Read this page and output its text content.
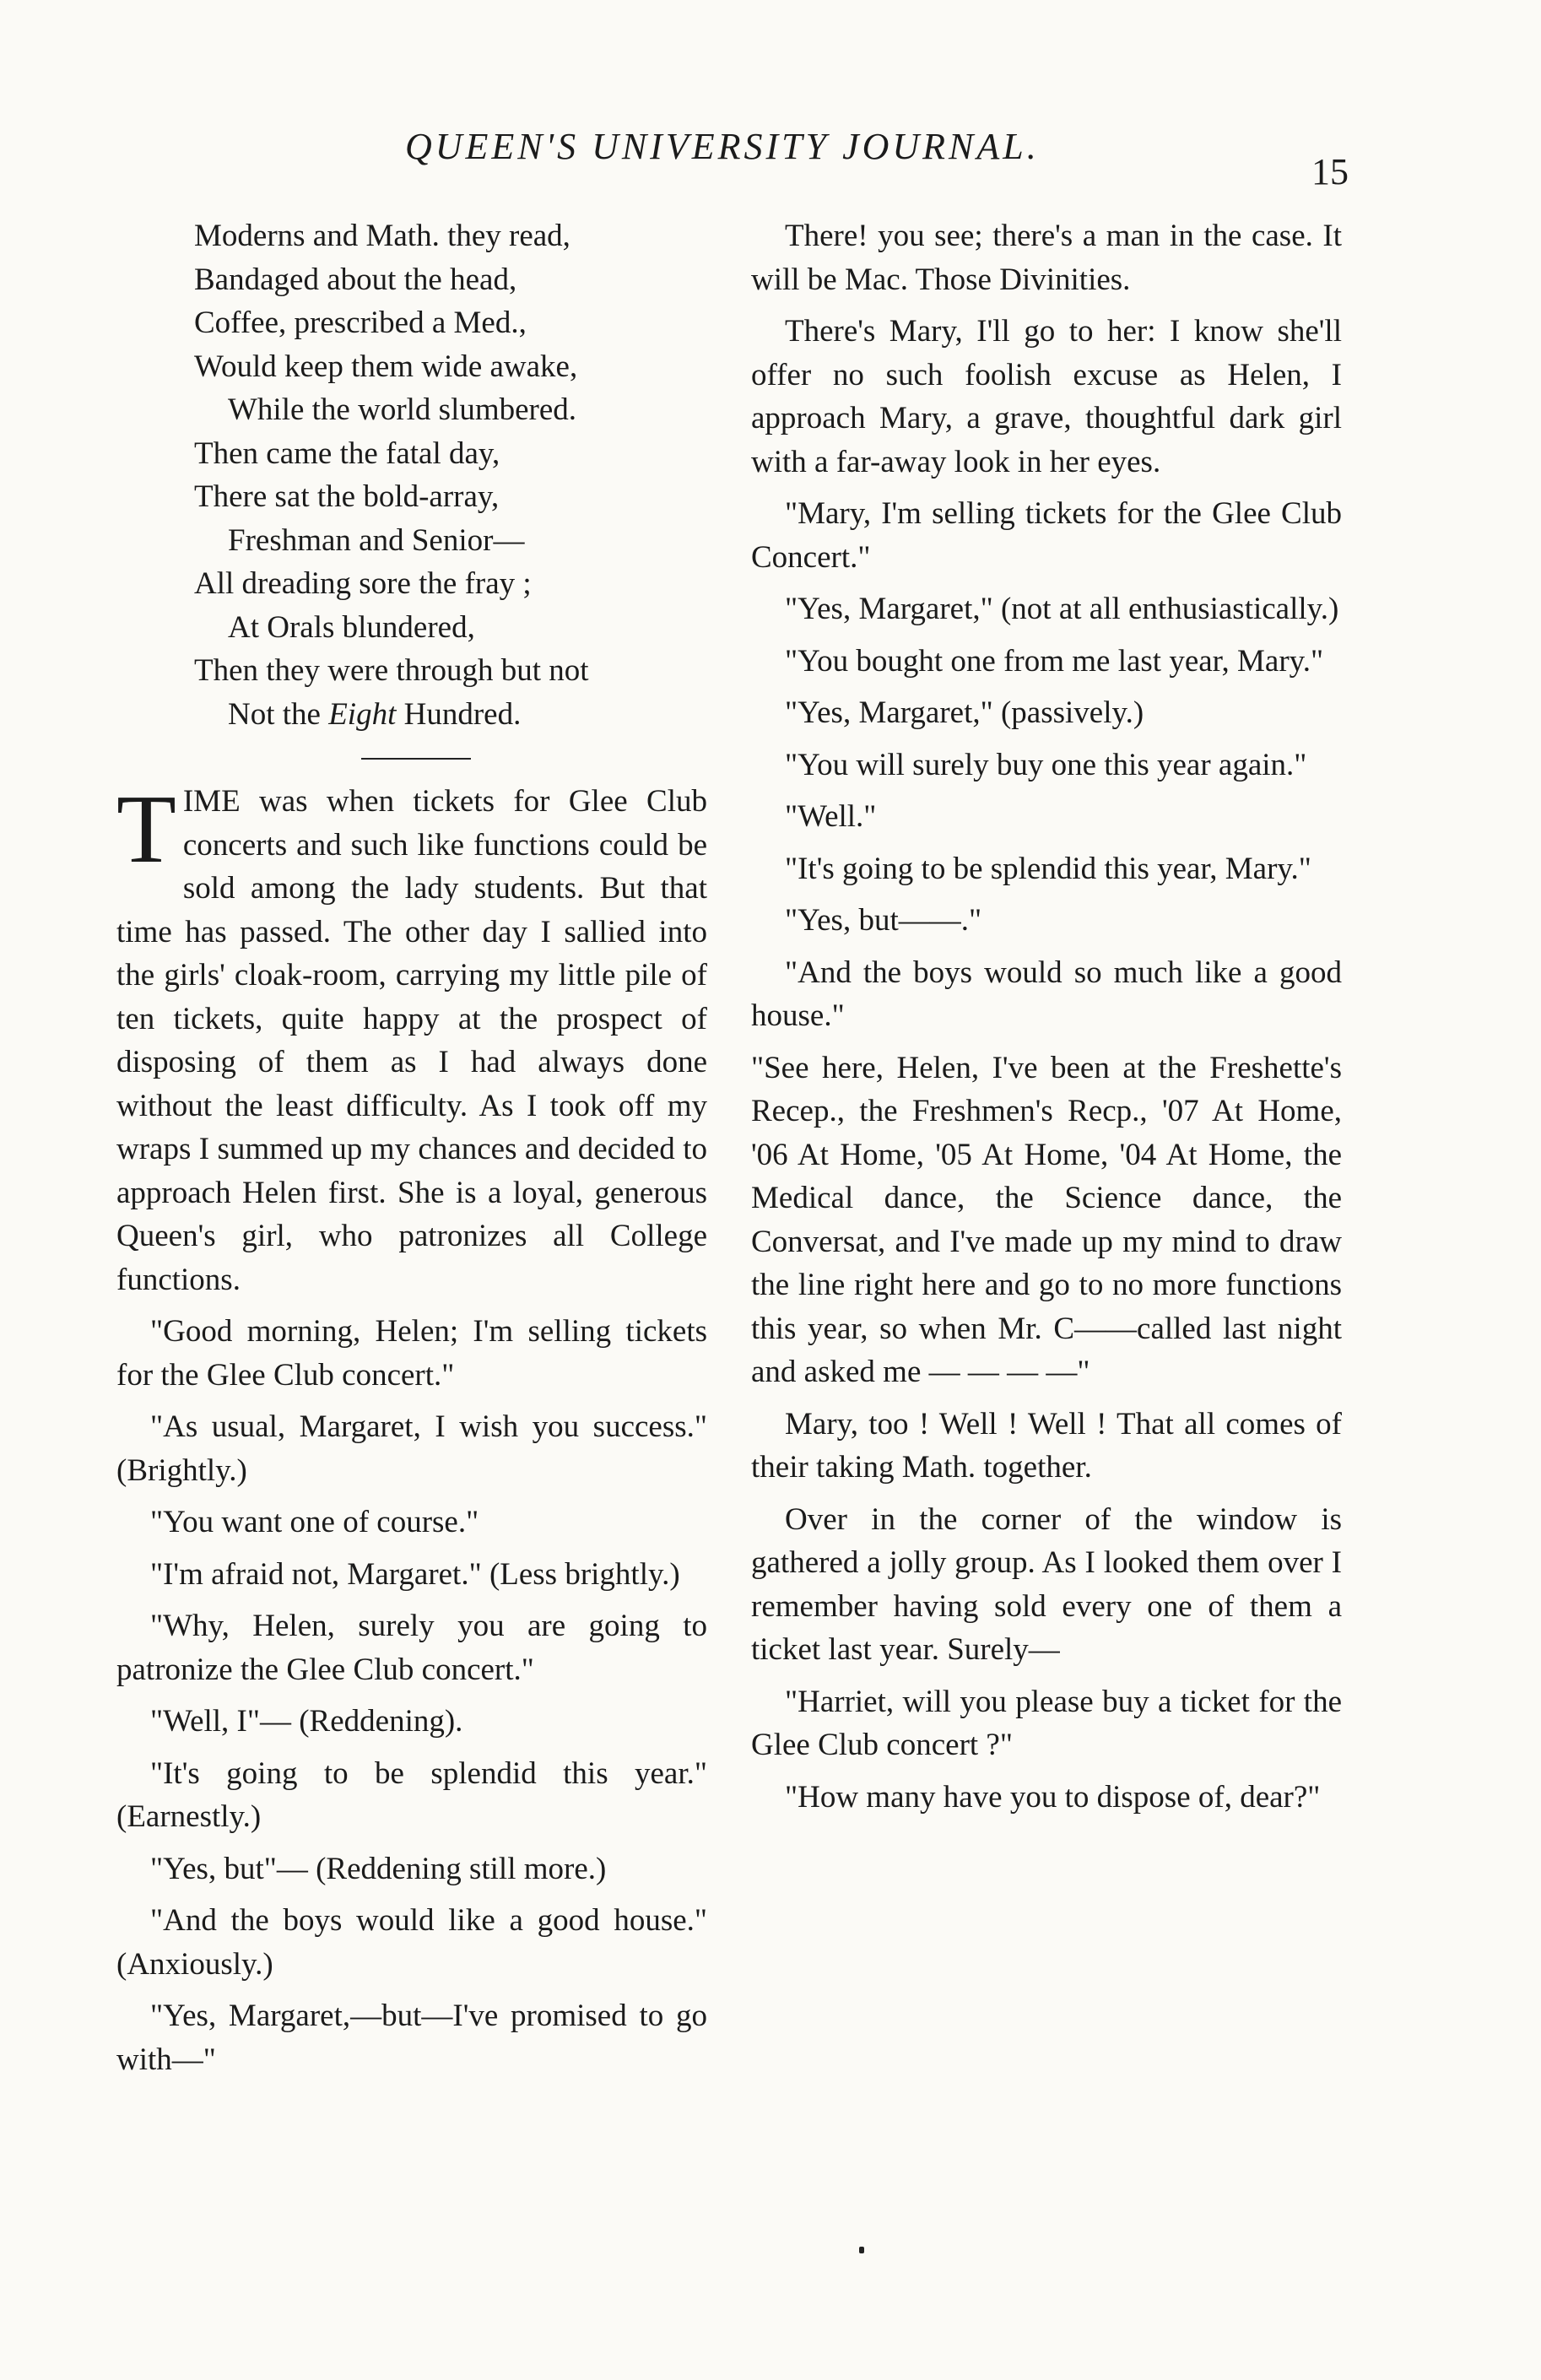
QUEEN'S UNIVERSITY JOURNAL.
15
Moderns and Math. they read,
Bandaged about the head,
Coffee, prescribed a Med.,
Would keep them wide awake,
While the world slumbered.
Then came the fatal day,
There sat the bold-array,
Freshman and Senior—
All dreading sore the fray ;
At Orals blundered,
Then they were through but not
Not the Eight Hundred.

TIME was when tickets for Glee Club concerts and such like functions could be sold among the lady students. But that time has passed. The other day I sallied into the girls' cloak-room, carrying my little pile of ten tickets, quite happy at the prospect of disposing of them as I had always done without the least difficulty. As I took off my wraps I summed up my chances and decided to approach Helen first. She is a loyal, generous Queen's girl, who patronizes all College functions.

"Good morning, Helen; I'm selling tickets for the Glee Club concert."

"As usual, Margaret, I wish you success." (Brightly.)

"You want one of course."

"I'm afraid not, Margaret." (Less brightly.)

"Why, Helen, surely you are going to patronize the Glee Club concert."

"Well, I"— (Reddening).

"It's going to be splendid this year." (Earnestly.)

"Yes, but"— (Reddening still more.)

"And the boys would like a good house." (Anxiously.)

"Yes, Margaret,—but—I've promised to go with—"

There! you see; there's a man in the case. It will be Mac. Those Divinities.

There's Mary, I'll go to her: I know she'll offer no such foolish excuse as Helen, I approach Mary, a grave, thoughtful dark girl with a far-away look in her eyes.

"Mary, I'm selling tickets for the Glee Club Concert."

"Yes, Margaret," (not at all enthusiastically.)

"You bought one from me last year, Mary."

"Yes, Margaret," (passively.)

"You will surely buy one this year again."

"Well."

"It's going to be splendid this year, Mary."

"Yes, but——."

"And the boys would so much like a good house."

"See here, Helen, I've been at the Freshette's Recep., the Freshmen's Recp., '07 At Home, '06 At Home, '05 At Home, '04 At Home, the Medical dance, the Science dance, the Conversat, and I've made up my mind to draw the line right here and go to no more functions this year, so when Mr. C——called last night and asked me — — — —"

Mary, too ! Well ! Well ! That all comes of their taking Math. together.

Over in the corner of the window is gathered a jolly group. As I looked them over I remember having sold every one of them a ticket last year. Surely—

"Harriet, will you please buy a ticket for the Glee Club concert ?"

"How many have you to dispose of, dear?"
